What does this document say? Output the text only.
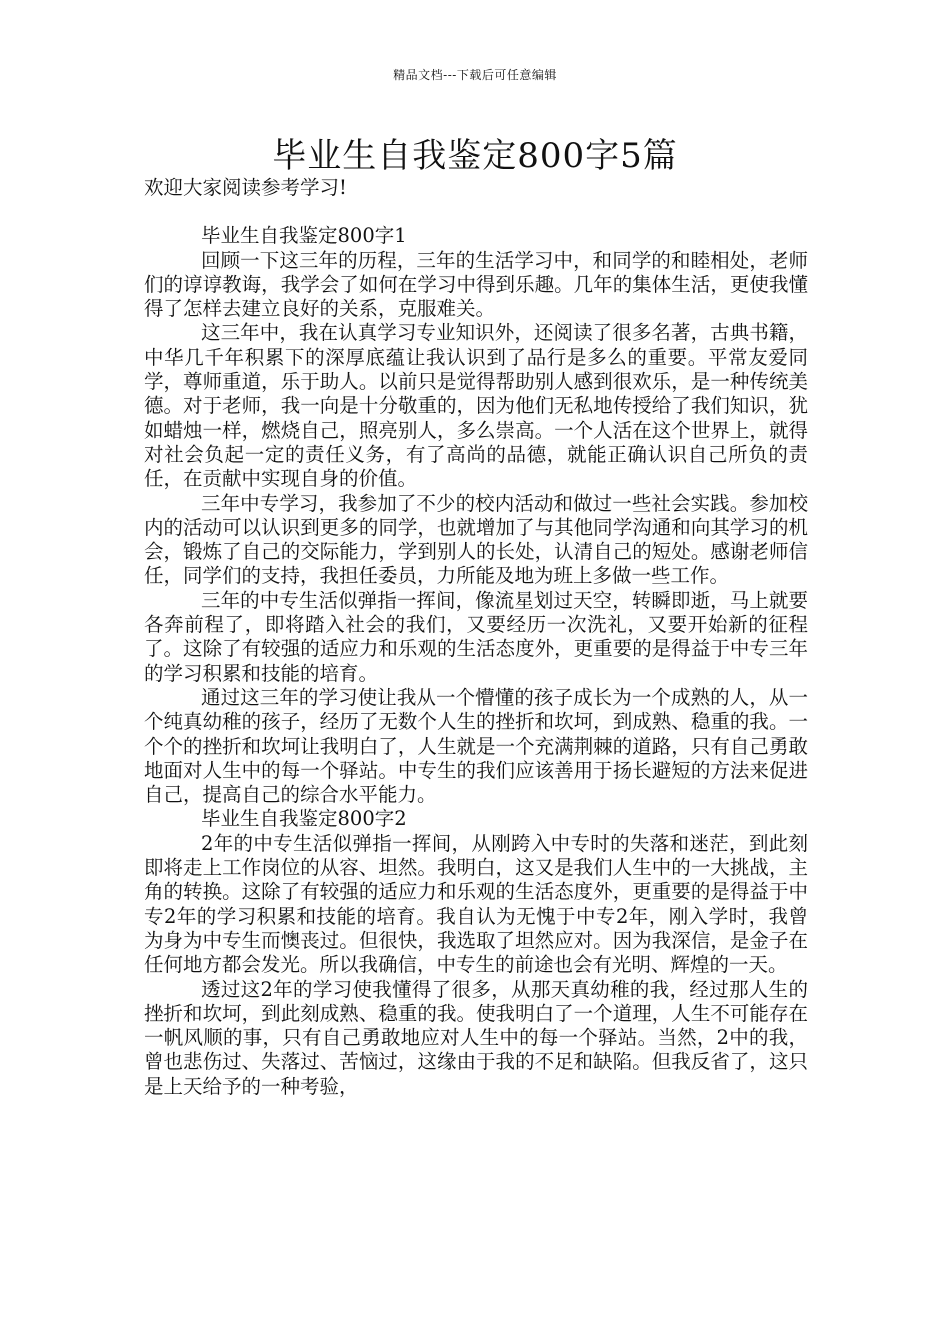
精品文档---下载后可任意编辑
毕业生自我鉴定800字5篇
欢迎大家阅读参考学习!

毕业生自我鉴定800字1

回顾一下这三年的历程，三年的生活学习中，和同学的和睦相处，老师们的谆谆教诲，我学会了如何在学习中得到乐趣。几年的集体生活，更使我懂得了怎样去建立良好的关系，克服难关。

这三年中，我在认真学习专业知识外，还阅读了很多名著，古典书籍，中华几千年积累下的深厚底蕴让我认识到了品行是多么的重要。平常友爱同学，尊师重道，乐于助人。以前只是觉得帮助别人感到很欢乐，是一种传统美德。对于老师，我一向是十分敬重的，因为他们无私地传授给了我们知识，犹如蜡烛一样，燃烧自己，照亮别人，多么崇高。一个人活在这个世界上，就得对社会负起一定的责任义务，有了高尚的品德，就能正确认识自己所负的责任，在贡献中实现自身的价值。

三年中专学习，我参加了不少的校内活动和做过一些社会实践。参加校内的活动可以认识到更多的同学，也就增加了与其他同学沟通和向其学习的机会，锻炼了自己的交际能力，学到别人的长处，认清自己的短处。感谢老师信任，同学们的支持，我担任委员，力所能及地为班上多做一些工作。

三年的中专生活似弹指一挥间，像流星划过天空，转瞬即逝，马上就要各奔前程了，即将踏入社会的我们，又要经历一次洗礼，又要开始新的征程了。这除了有较强的适应力和乐观的生活态度外，更重要的是得益于中专三年的学习积累和技能的培育。

通过这三年的学习使让我从一个懵懂的孩子成长为一个成熟的人，从一个纯真幼稚的孩子，经历了无数个人生的挫折和坎坷，到成熟、稳重的我。一个个的挫折和坎坷让我明白了，人生就是一个充满荆棘的道路，只有自己勇敢地面对人生中的每一个驿站。中专生的我们应该善用于扬长避短的方法来促进自己，提高自己的综合水平能力。

毕业生自我鉴定800字2

2年的中专生活似弹指一挥间，从刚跨入中专时的失落和迷茫，到此刻即将走上工作岗位的从容、坦然。我明白，这又是我们人生中的一大挑战，主角的转换。这除了有较强的适应力和乐观的生活态度外，更重要的是得益于中专2年的学习积累和技能的培育。我自认为无愧于中专2年，刚入学时，我曾为身为中专生而懊丧过。但很快，我选取了坦然应对。因为我深信，是金子在任何地方都会发光。所以我确信，中专生的前途也会有光明、辉煌的一天。

透过这2年的学习使我懂得了很多，从那天真幼稚的我，经过那人生的挫折和坎坷，到此刻成熟、稳重的我。使我明白了一个道理，人生不可能存在一帆风顺的事，只有自己勇敢地应对人生中的每一个驿站。当然，2中的我，曾也悲伤过、失落过、苦恼过，这缘由于我的不足和缺陷。但我反省了，这只是上天给予的一种考验，
